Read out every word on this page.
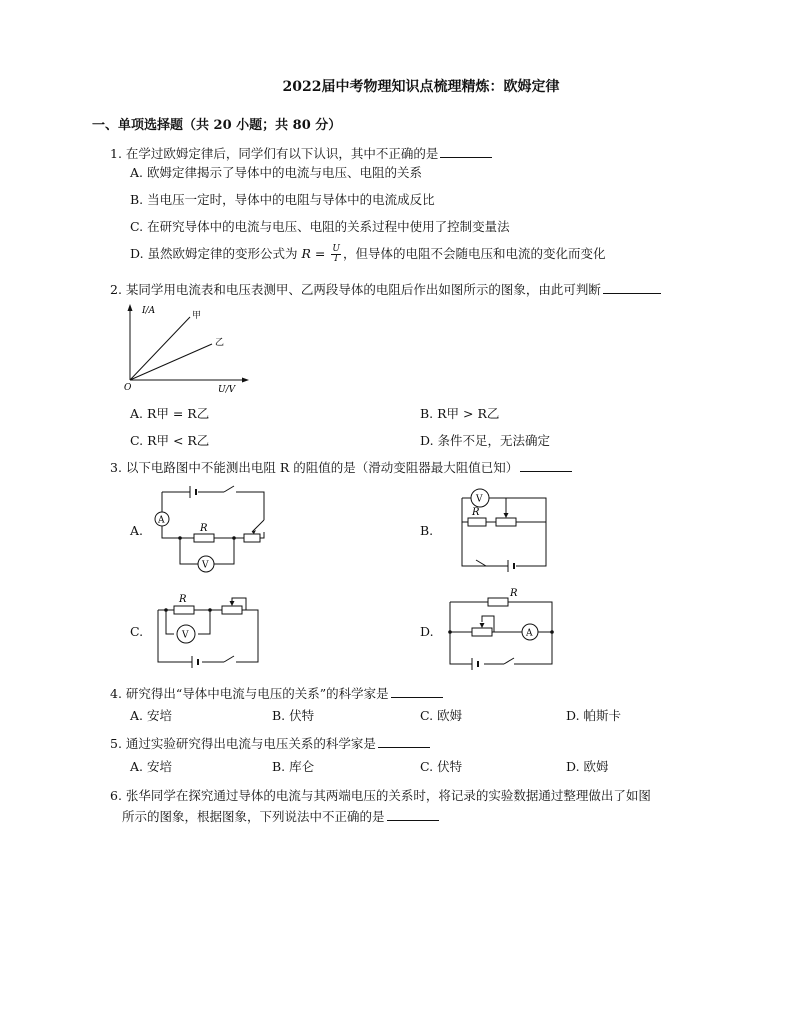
2022届中考物理知识点梳理精炼：欧姆定律
一、单项选择题（共 20 小题；共 80 分）
1. 在学过欧姆定律后，同学们有以下认识，其中不正确的是
A. 欧姆定律揭示了导体中的电流与电压、电阻的关系
B. 当电压一定时，导体中的电阻与导体中的电流成反比
C. 在研究导体中的电流与电压、电阻的关系过程中使用了控制变量法
D. 虽然欧姆定律的变形公式为 $R = \frac{U}{I}$ ，但导体的电阻不会随电压和电流的变化而变化
2. 某同学用电流表和电压表测甲、乙两段导体的电阻后作出如图所示的图象，由此可判断
I/A
U/V
O
甲
乙
A. R甲 = R乙	B. R甲 > R乙
C. R甲 < R乙	D. 条件不足，无法确定
3. 以下电路图中不能测出电阻 R 的阻值的是（滑动变阻器最大阻值已知）
A.	B.
C.	D.
A
V
R
V
R
V
R
A
R
4. 研究得出“导体中电流与电压的关系”的科学家是
A. 安培	B. 伏特	C. 欧姆	D. 帕斯卡
5. 通过实验研究得出电流与电压关系的科学家是
A. 安培	B. 库仑	C. 伏特	D. 欧姆
6. 张华同学在探究通过导体的电流与其两端电压的关系时，将记录的实验数据通过整理做出了如图
所示的图象，根据图象，下列说法中不正确的是
